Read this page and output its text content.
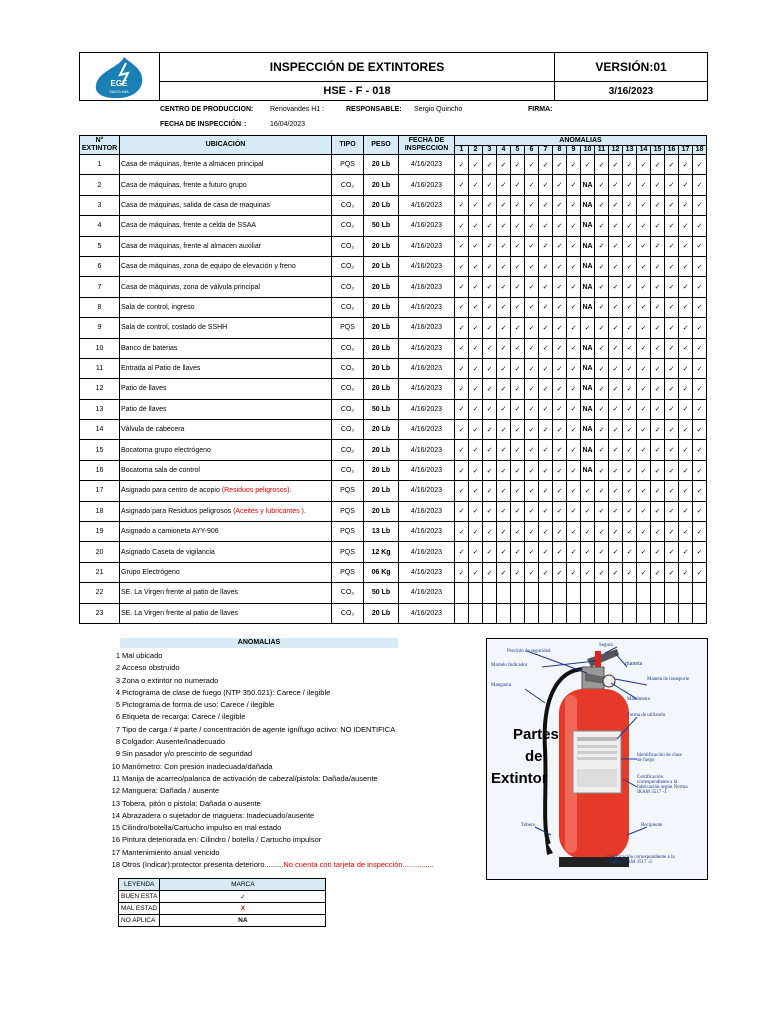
EGE
SANTA ANA
INSPECCIÓN DE EXTINTORES
HSE - F - 018
VERSIÓN:01
3/16/2023
CENTRO DE PRODUCCION: Renovandes H1 :	RESPONSABLE: Sergio Quincho	FIRMA:
FECHA DE INSPECCIÓN :	16/04/2023
N°
EXTINTOR	UBICACIÓN	TIPO	PESO	FECHA DE
INSPECCION	ANOMALIAS																	
					1	2	3	4	5	6	7	8	9	10	11	12	13	14	15	16	17	18
1	Casa de máquinas, frente a almacen principal	PQS	20 Lb	4/16/2023	✓	✓	✓	✓	✓	✓	✓	✓	✓	✓	✓	✓	✓	✓	✓	✓	✓	✓
2	Casa de máquinas, frente a futuro grupo	CO₂	20 Lb	4/16/2023	✓	✓	✓	✓	✓	✓	✓	✓	✓	NA	✓	✓	✓	✓	✓	✓	✓	✓
3	Casa de máquinas, salida de casa de maquinas	CO₂	20 Lb	4/16/2023	✓	✓	✓	✓	✓	✓	✓	✓	✓	NA	✓	✓	✓	✓	✓	✓	✓	✓
4	Casa de máquinas, frente a celda de SSAA	CO₂	50 Lb	4/16/2023	✓	✓	✓	✓	✓	✓	✓	✓	✓	NA	✓	✓	✓	✓	✓	✓	✓	✓
5	Casa de máquinas, frente al almacen auxiliar	CO₂	20 Lb	4/16/2023	✓	✓	✓	✓	✓	✓	✓	✓	✓	NA	✓	✓	✓	✓	✓	✓	✓	✓
6	Casa de máquinas, zona de equipo de elevación y freno	CO₂	20 Lb	4/16/2023	✓	✓	✓	✓	✓	✓	✓	✓	✓	NA	✓	✓	✓	✓	✓	✓	✓	✓
7	Casa de máquinas, zona de válvula principal	CO₂	20 Lb	4/16/2023	✓	✓	✓	✓	✓	✓	✓	✓	✓	NA	✓	✓	✓	✓	✓	✓	✓	✓
8	Sala de control, ingreso	CO₂	20 Lb	4/16/2023	✓	✓	✓	✓	✓	✓	✓	✓	✓	NA	✓	✓	✓	✓	✓	✓	✓	✓
9	Sala de control, costado de SSHH	PQS	20 Lb	4/16/2023	✓	✓	✓	✓	✓	✓	✓	✓	✓	✓	✓	✓	✓	✓	✓	✓	✓	✓
10	Banco de baterias	CO₂	20 Lb	4/16/2023	✓	✓	✓	✓	✓	✓	✓	✓	✓	NA	✓	✓	✓	✓	✓	✓	✓	✓
11	Entrada al Patio de llaves	CO₂	20 Lb	4/16/2023	✓	✓	✓	✓	✓	✓	✓	✓	✓	NA	✓	✓	✓	✓	✓	✓	✓	✓
12	Patio de llaves	CO₂	20 Lb	4/16/2023	✓	✓	✓	✓	✓	✓	✓	✓	✓	NA	✓	✓	✓	✓	✓	✓	✓	✓
13	Patio de llaves	CO₂	50 Lb	4/16/2023	✓	✓	✓	✓	✓	✓	✓	✓	✓	NA	✓	✓	✓	✓	✓	✓	✓	✓
14	Válvula de cabecera	CO₂	20 Lb	4/16/2023	✓	✓	✓	✓	✓	✓	✓	✓	✓	NA	✓	✓	✓	✓	✓	✓	✓	✓
15	Bocatoma grupo electrógeno	CO₂	20 Lb	4/16/2023	✓	✓	✓	✓	✓	✓	✓	✓	✓	NA	✓	✓	✓	✓	✓	✓	✓	✓
16	Bocatoma sala de control	CO₂	20 Lb	4/16/2023	✓	✓	✓	✓	✓	✓	✓	✓	✓	NA	✓	✓	✓	✓	✓	✓	✓	✓
17	Asignado para centro de acopio (Residuos peligrosos).	PQS	20 Lb	4/16/2023	✓	✓	✓	✓	✓	✓	✓	✓	✓	✓	✓	✓	✓	✓	✓	✓	✓	✓
18	Asignado para Residuos peligrosos (Aceites y lubricantes ).	PQS	20 Lb	4/16/2023	✓	✓	✓	✓	✓	✓	✓	✓	✓	✓	✓	✓	✓	✓	✓	✓	✓	✓
19	Asignado a camioneta AYY-906	PQS	13 Lb	4/16/2023	✓	✓	✓	✓	✓	✓	✓	✓	✓	✓	✓	✓	✓	✓	✓	✓	✓	✓
20	Asignado Caseta de vigilancia	PQS	12 Kg	4/16/2023	✓	✓	✓	✓	✓	✓	✓	✓	✓	✓	✓	✓	✓	✓	✓	✓	✓	✓
21	Grupo Electrógeno	PQS	06 Kg	4/16/2023	✓	✓	✓	✓	✓	✓	✓	✓	✓	✓	✓	✓	✓	✓	✓	✓	✓	✓
22	SE. La Virgen frente al patio de llaves	CO₂	50 Lb	4/16/2023																		
23	SE. La Virgen frente al patio de llaves	CO₂	20 Lb	4/16/2023																		
ANOMALIAS
1 Mal ubicado
2 Acceso obstruido
3 Zona o extintor no numerado
4 Pictograma de clase de fuego (NTP 350.021): Carece / ilegible
5 Pictograma de forma de uso: Carece / ilegible
6 Etiqueta de recarga: Carece / ilegible
7 Tipo de carga / # parte / concentración de agente ignífugo activo: NO IDENTIFICA
8 Colgador: Ausente/Inadecuado
9 Sin pasador y/o prescinto de seguridad
10 Manómetro: Con presión inadecuada/dañada
11 Manija de acarreo/palanca de activación de cabezal/pistola: Dañada/ausente
12 Manguera: Dañada / ausente
13 Tobera, pitón o pistola: Dañada o ausente
14 Abrazadera o sujetador de maguera: Inadecuado/ausente
15 Cilindro/botella/Cartucho impulso en mal estado
16 Pintura deteriorada en: Cilindro / botella / Cartucho impulsor
17 Mantenimiento anual vencido
18 Otros (Indicar):protector presenta deterioro.........No cuenta con tarjeta de inspección...............
LEYENDA	MARCA
BUEN ESTA	✓
MAL ESTAD	X
NO APLICA	NA
Partes
del
Extintor
Precinto de seguridad
Seguro
Martelo Indicador	maneta
Manguera
Maneta de transporte
Manómetro
Forma de utilizarlo
Identificación de clase de fuego
Certificación correspondiente a la fabricación según Norma IRAM 3517 -1
Tobera	Recipiente
Certificación correspondiente a la Norma IRAM 3517 -2
